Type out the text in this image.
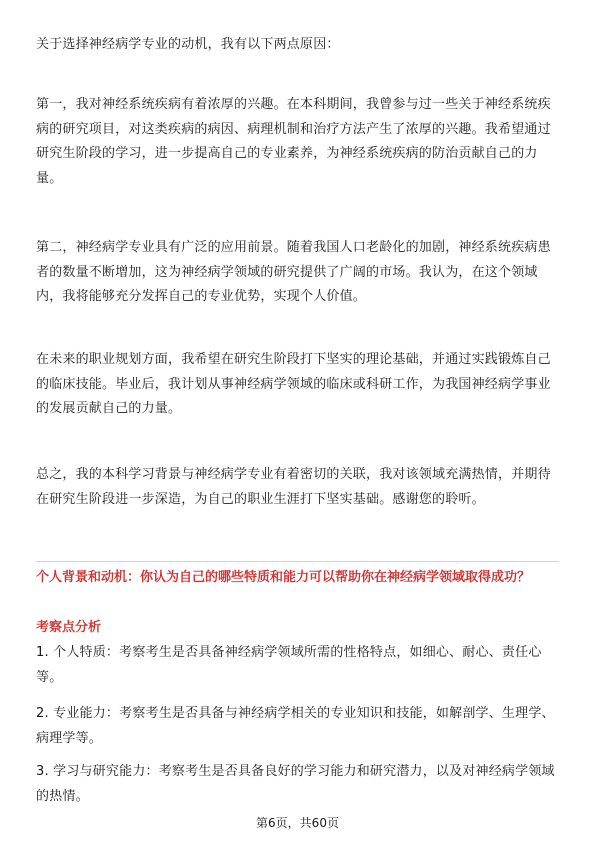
关于选择神经病学专业的动机，我有以下两点原因：

第一，我对神经系统疾病有着浓厚的兴趣。在本科期间，我曾参与过一些关于神经系统疾病的研究项目，对这类疾病的病因、病理机制和治疗方法产生了浓厚的兴趣。我希望通过研究生阶段的学习，进一步提高自己的专业素养，为神经系统疾病的防治贡献自己的力量。

第二，神经病学专业具有广泛的应用前景。随着我国人口老龄化的加剧，神经系统疾病患者的数量不断增加，这为神经病学领域的研究提供了广阔的市场。我认为，在这个领域内，我将能够充分发挥自己的专业优势，实现个人价值。

在未来的职业规划方面，我希望在研究生阶段打下坚实的理论基础，并通过实践锻炼自己的临床技能。毕业后，我计划从事神经病学领域的临床或科研工作，为我国神经病学事业的发展贡献自己的力量。

总之，我的本科学习背景与神经病学专业有着密切的关联，我对该领域充满热情，并期待在研究生阶段进一步深造，为自己的职业生涯打下坚实基础。感谢您的聆听。

个人背景和动机：你认为自己的哪些特质和能力可以帮助你在神经病学领域取得成功？

考察点分析

1. 个人特质：考察考生是否具备神经病学领域所需的性格特点，如细心、耐心、责任心等。

2. 专业能力：考察考生是否具备与神经病学相关的专业知识和技能，如解剖学、生理学、病理学等。

3. 学习与研究能力：考察考生是否具备良好的学习能力和研究潜力，以及对神经病学领域的热情。

第6页，共60页
